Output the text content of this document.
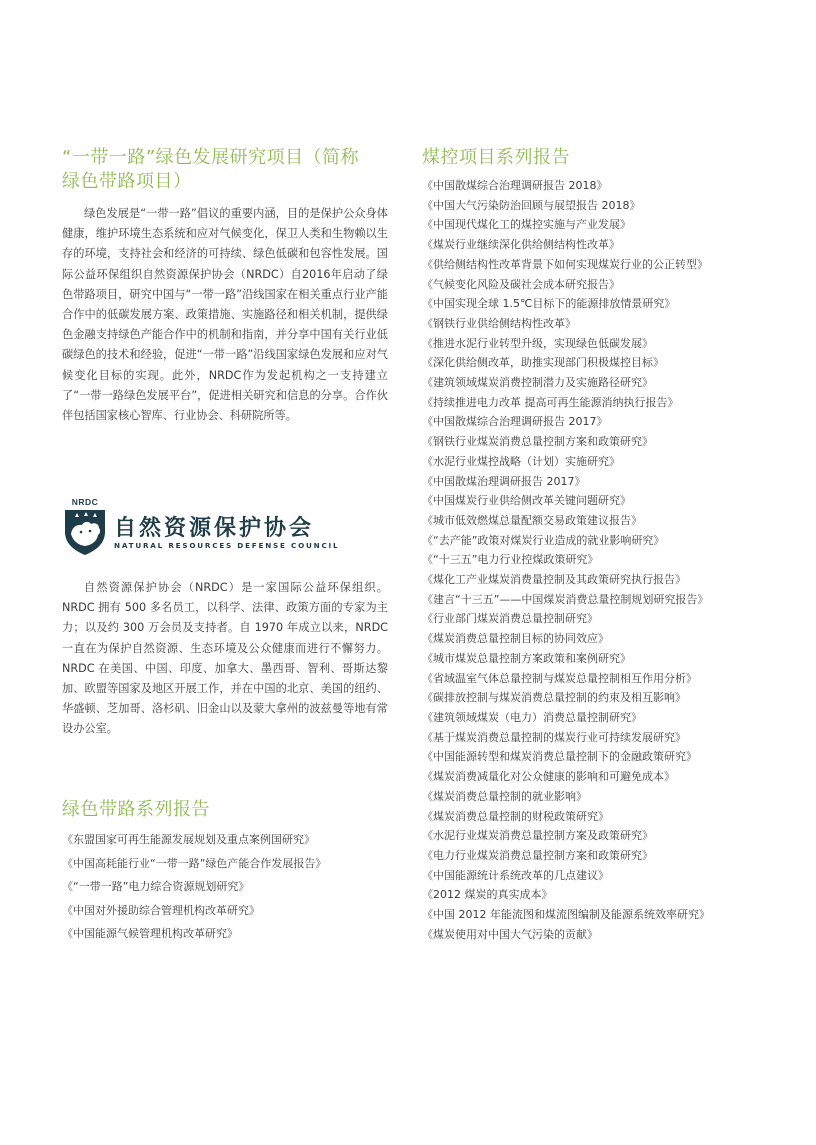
“一带一路”绿色发展研究项目（简称
绿色带路项目）

绿色发展是“一带一路”倡议的重要内涵，目的是保护公众身体健康，维护环境生态系统和应对气候变化，保卫人类和生物赖以生存的环境，支持社会和经济的可持续、绿色低碳和包容性发展。国际公益环保组织自然资源保护协会（NRDC）自2016年启动了绿色带路项目，研究中国与“一带一路”沿线国家在相关重点行业产能合作中的低碳发展方案、政策措施、实施路径和相关机制，提供绿色金融支持绿色产能合作中的机制和指南，并分享中国有关行业低碳绿色的技术和经验，促进“一带一路”沿线国家绿色发展和应对气候变化目标的实现。此外，NRDC作为发起机构之一支持建立了“一带一路绿色发展平台”，促进相关研究和信息的分享。合作伙伴包括国家核心智库、行业协会、科研院所等。

NRDC
自然资源保护协会
NATURAL RESOURCES DEFENSE COUNCIL

自然资源保护协会（NRDC）是一家国际公益环保组织。NRDC 拥有 500 多名员工，以科学、法律、政策方面的专家为主力；以及约 300 万会员及支持者。自 1970 年成立以来，NRDC 一直在为保护自然资源、生态环境及公众健康而进行不懈努力。NRDC 在美国、中国、印度、加拿大、墨西哥、智利、哥斯达黎加、欧盟等国家及地区开展工作，并在中国的北京、美国的纽约、华盛顿、芝加哥、洛杉矶、旧金山以及蒙大拿州的波兹曼等地有常设办公室。

绿色带路系列报告
《东盟国家可再生能源发展规划及重点案例国研究》
《中国高耗能行业“一带一路”绿色产能合作发展报告》
《“一带一路”电力综合资源规划研究》
《中国对外援助综合管理机构改革研究》
《中国能源气候管理机构改革研究》
煤控项目系列报告
《中国散煤综合治理调研报告 2018》
《中国大气污染防治回顾与展望报告 2018》
《中国现代煤化工的煤控实施与产业发展》
《煤炭行业继续深化供给侧结构性改革》
《供给侧结构性改革背景下如何实现煤炭行业的公正转型》
《气候变化风险及碳社会成本研究报告》
《中国实现全球 1.5℃目标下的能源排放情景研究》
《钢铁行业供给侧结构性改革》
《推进水泥行业转型升级，实现绿色低碳发展》
《深化供给侧改革，助推实现部门积极煤控目标》
《建筑领域煤炭消费控制潜力及实施路径研究》
《持续推进电力改革 提高可再生能源消纳执行报告》
《中国散煤综合治理调研报告 2017》
《钢铁行业煤炭消费总量控制方案和政策研究》
《水泥行业煤控战略（计划）实施研究》
《中国散煤治理调研报告 2017》
《中国煤炭行业供给侧改革关键问题研究》
《城市低效燃煤总量配额交易政策建议报告》
《“去产能”政策对煤炭行业造成的就业影响研究》
《“十三五”电力行业控煤政策研究》
《煤化工产业煤炭消费量控制及其政策研究执行报告》
《建言“十三五”——中国煤炭消费总量控制规划研究报告》
《行业部门煤炭消费总量控制研究》
《煤炭消费总量控制目标的协同效应》
《城市煤炭总量控制方案政策和案例研究》
《省域温室气体总量控制与煤炭总量控制相互作用分析》
《碳排放控制与煤炭消费总量控制的约束及相互影响》
《建筑领域煤炭（电力）消费总量控制研究》
《基于煤炭消费总量控制的煤炭行业可持续发展研究》
《中国能源转型和煤炭消费总量控制下的金融政策研究》
《煤炭消费减量化对公众健康的影响和可避免成本》
《煤炭消费总量控制的就业影响》
《煤炭消费总量控制的财税政策研究》
《水泥行业煤炭消费总量控制方案及政策研究》
《电力行业煤炭消费总量控制方案和政策研究》
《中国能源统计系统改革的几点建议》
《2012 煤炭的真实成本》
《中国 2012 年能流图和煤流图编制及能源系统效率研究》
《煤炭使用对中国大气污染的贡献》
